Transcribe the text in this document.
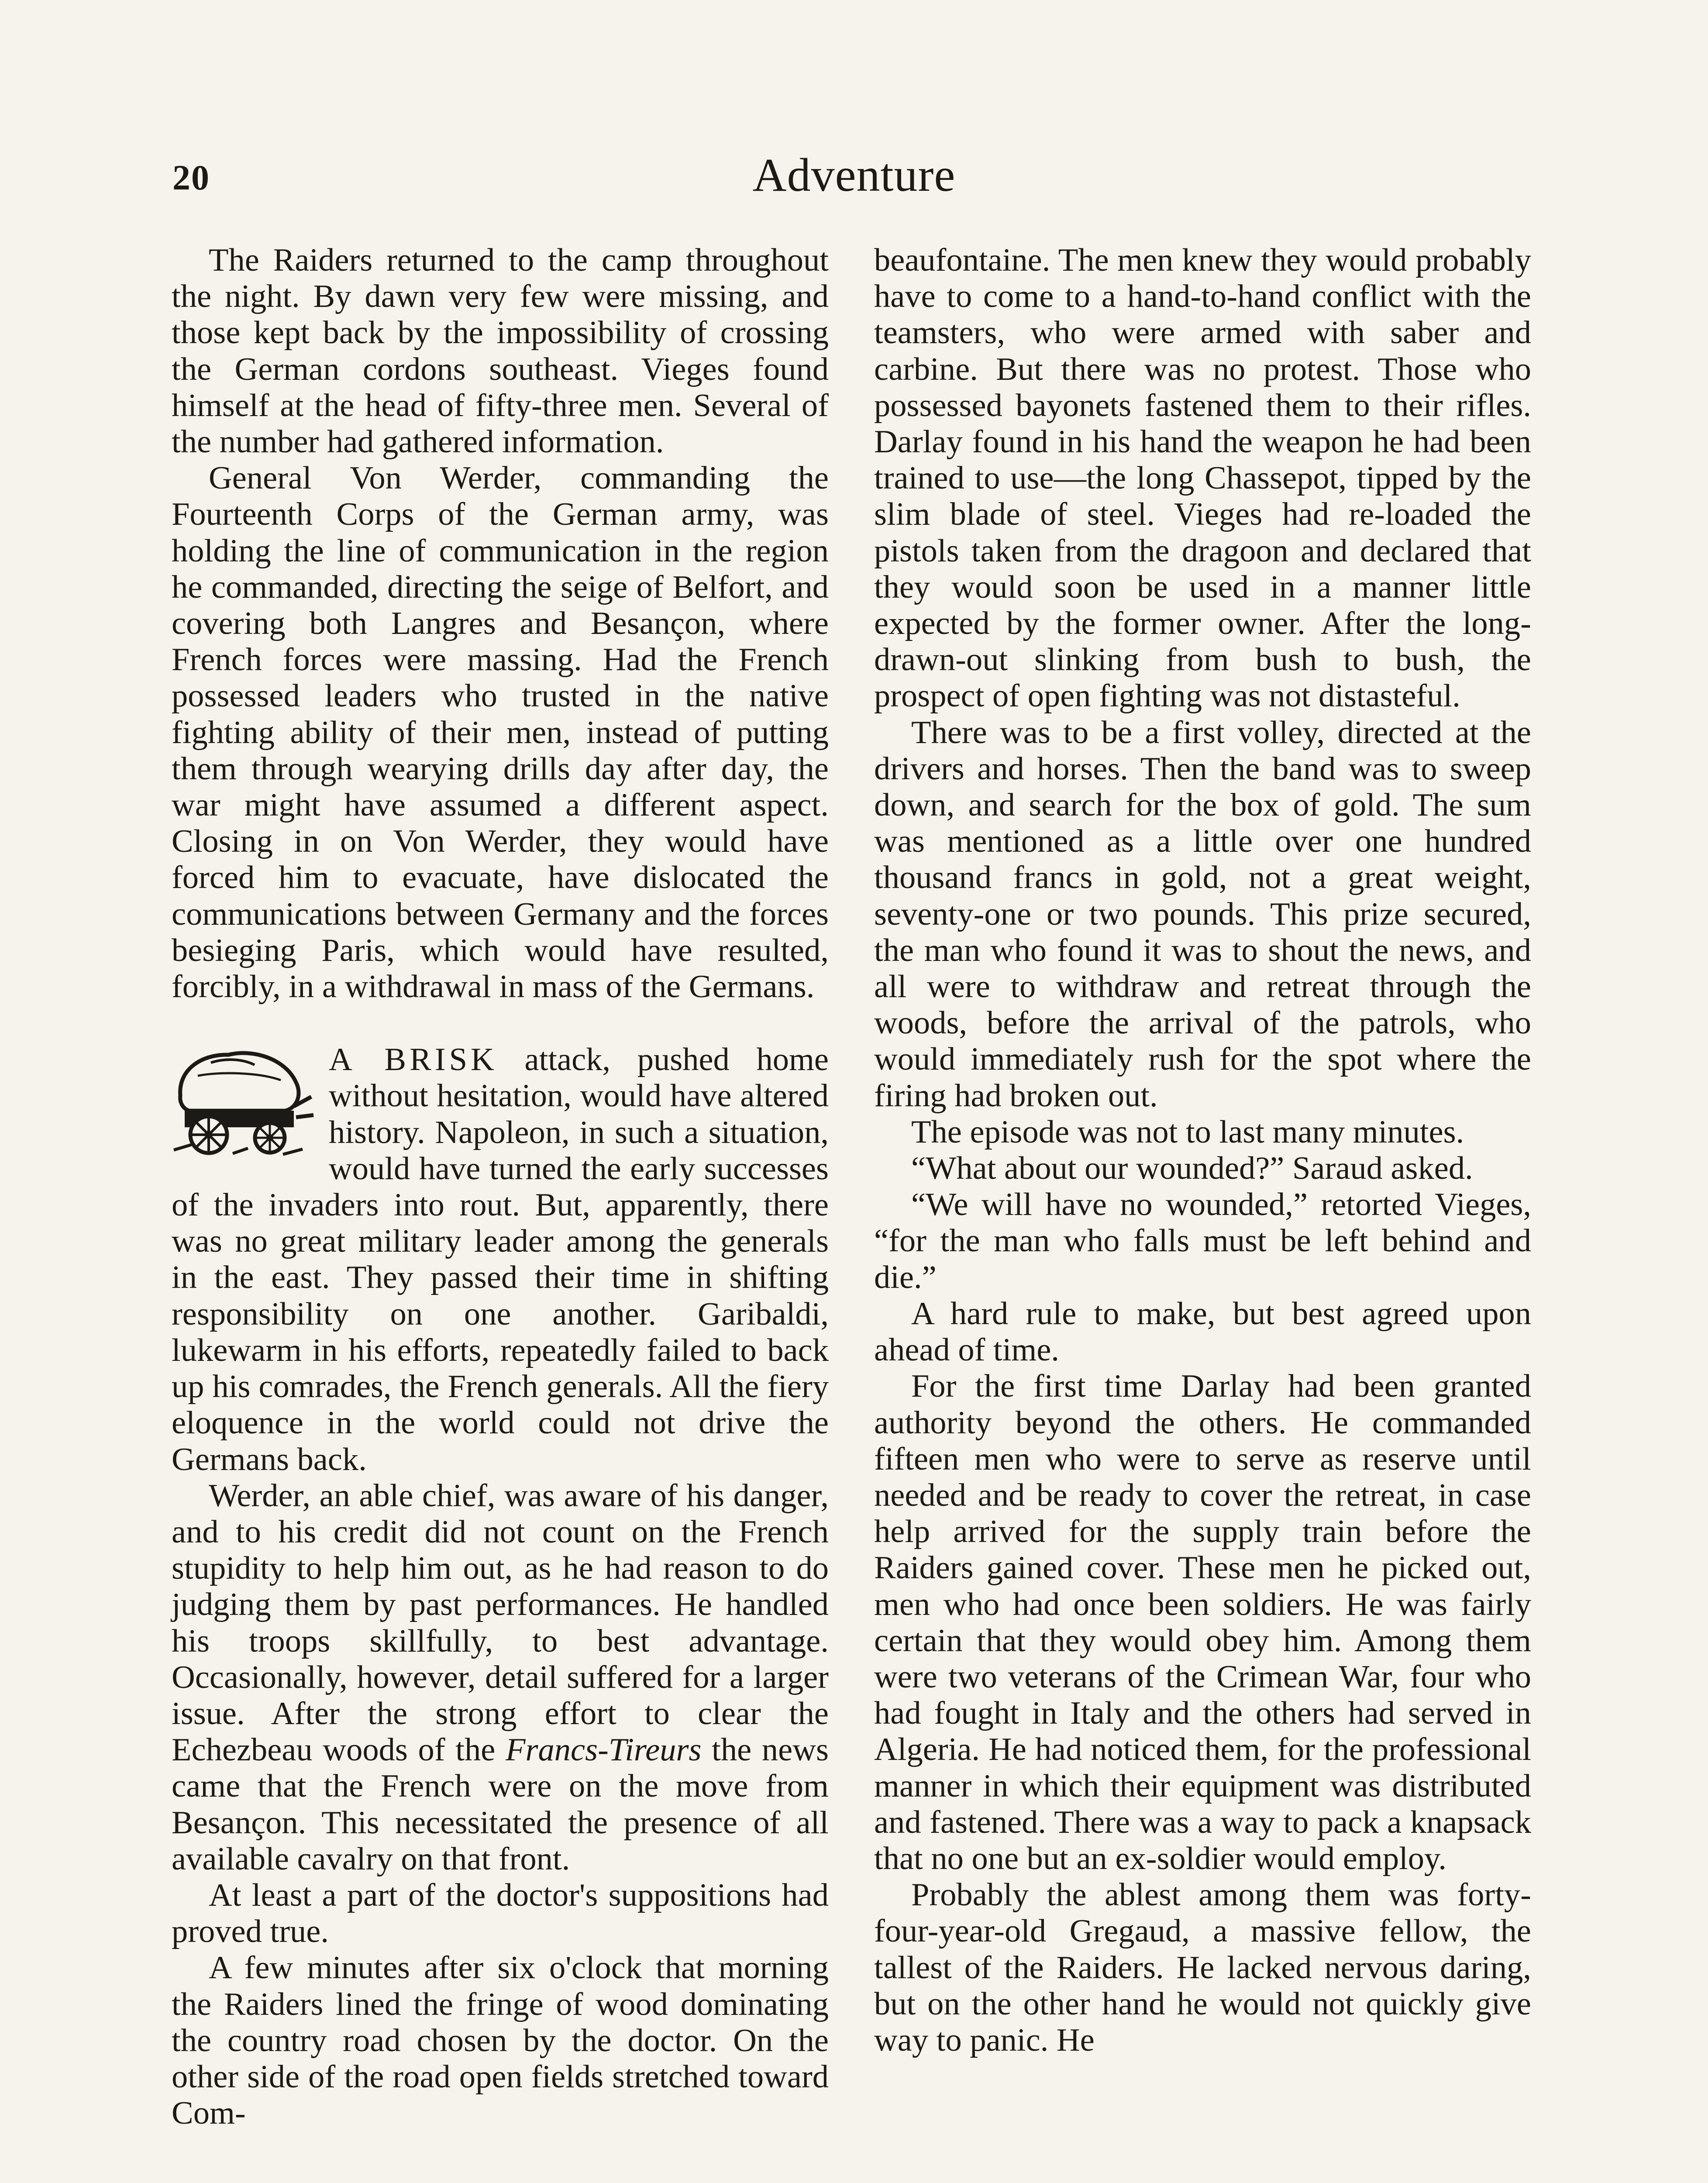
20	Adventure

The Raiders returned to the camp throughout the night. By dawn very few were missing, and those kept back by the impossibility of crossing the German cordons southeast. Vieges found himself at the head of fifty-three men. Several of the number had gathered information.

General Von Werder, commanding the Fourteenth Corps of the German army, was holding the line of communication in the region he commanded, directing the seige of Belfort, and covering both Langres and Besançon, where French forces were massing. Had the French possessed leaders who trusted in the native fighting ability of their men, instead of putting them through wearying drills day after day, the war might have assumed a different aspect. Closing in on Von Werder, they would have forced him to evacuate, have dislocated the communications between Germany and the forces besieging Paris, which would have resulted, forcibly, in a withdrawal in mass of the Germans.

A BRISK attack, pushed home without hesitation, would have altered history. Napoleon, in such a situation, would have turned the early successes of the invaders into rout. But, apparently, there was no great military leader among the generals in the east. They passed their time in shifting responsibility on one another. Garibaldi, lukewarm in his efforts, repeatedly failed to back up his comrades, the French generals. All the fiery eloquence in the world could not drive the Germans back.

Werder, an able chief, was aware of his danger, and to his credit did not count on the French stupidity to help him out, as he had reason to do judging them by past performances. He handled his troops skillfully, to best advantage. Occasionally, however, detail suffered for a larger issue. After the strong effort to clear the Echezbeau woods of the Francs-Tireurs the news came that the French were on the move from Besançon. This necessitated the presence of all available cavalry on that front.

At least a part of the doctor's suppositions had proved true.

A few minutes after six o'clock that morning the Raiders lined the fringe of wood dominating the country road chosen by the doctor. On the other side of the road open fields stretched toward Com-

beaufontaine. The men knew they would probably have to come to a hand-to-hand conflict with the teamsters, who were armed with saber and carbine. But there was no protest. Those who possessed bayonets fastened them to their rifles. Darlay found in his hand the weapon he had been trained to use—the long Chassepot, tipped by the slim blade of steel. Vieges had re-loaded the pistols taken from the dragoon and declared that they would soon be used in a manner little expected by the former owner. After the long-drawn-out slinking from bush to bush, the prospect of open fighting was not distasteful.

There was to be a first volley, directed at the drivers and horses. Then the band was to sweep down, and search for the box of gold. The sum was mentioned as a little over one hundred thousand francs in gold, not a great weight, seventy-one or two pounds. This prize secured, the man who found it was to shout the news, and all were to withdraw and retreat through the woods, before the arrival of the patrols, who would immediately rush for the spot where the firing had broken out.

The episode was not to last many minutes.

“What about our wounded?” Saraud asked.

“We will have no wounded,” retorted Vieges, “for the man who falls must be left behind and die.”

A hard rule to make, but best agreed upon ahead of time.

For the first time Darlay had been granted authority beyond the others. He commanded fifteen men who were to serve as reserve until needed and be ready to cover the retreat, in case help arrived for the supply train before the Raiders gained cover. These men he picked out, men who had once been soldiers. He was fairly certain that they would obey him. Among them were two veterans of the Crimean War, four who had fought in Italy and the others had served in Algeria. He had noticed them, for the professional manner in which their equipment was distributed and fastened. There was a way to pack a knapsack that no one but an ex-soldier would employ.

Probably the ablest among them was forty-four-year-old Gregaud, a massive fellow, the tallest of the Raiders. He lacked nervous daring, but on the other hand he would not quickly give way to panic. He
